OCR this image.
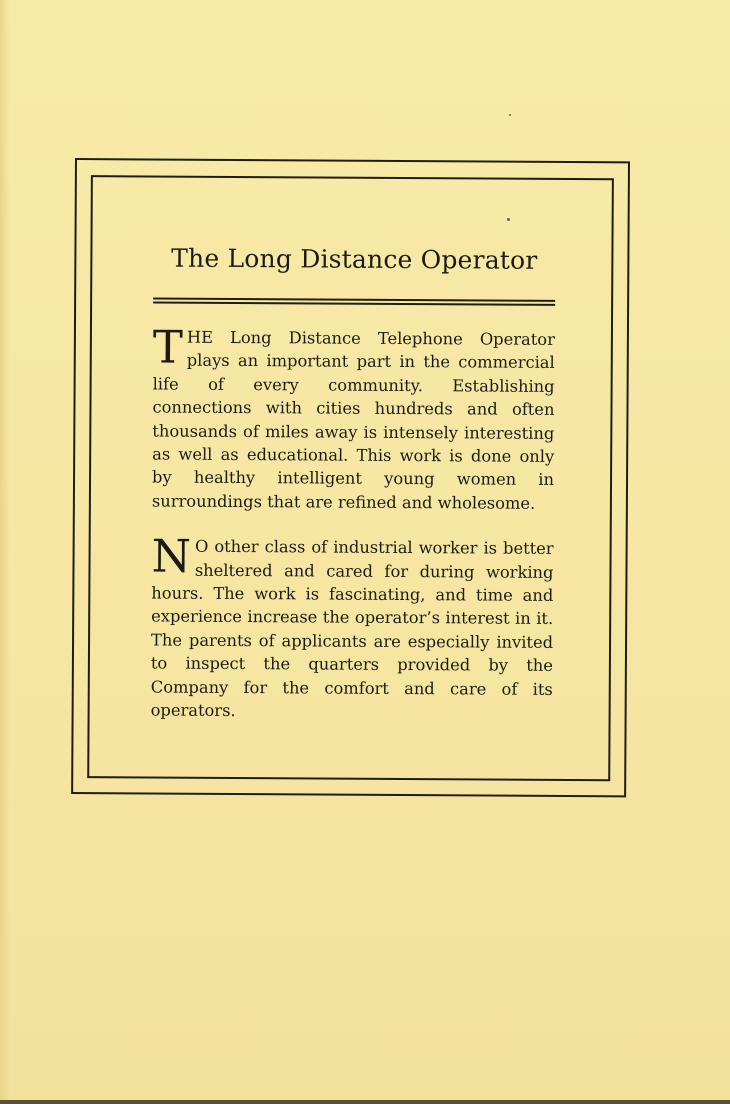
The Long Distance Operator

THE Long Distance Telephone Operator plays an important part in the commercial life of every community. Establishing connections with cities hundreds and often thousands of miles away is intensely interesting as well as educational. This work is done only by healthy intelligent young women in surroundings that are refined and wholesome.

N O other class of industrial worker is better sheltered and cared for during working hours. The work is fascinating, and time and experience increase the operator’s interest in it. The parents of applicants are especially invited to inspect the quarters provided by the Company for the comfort and care of its operators.
